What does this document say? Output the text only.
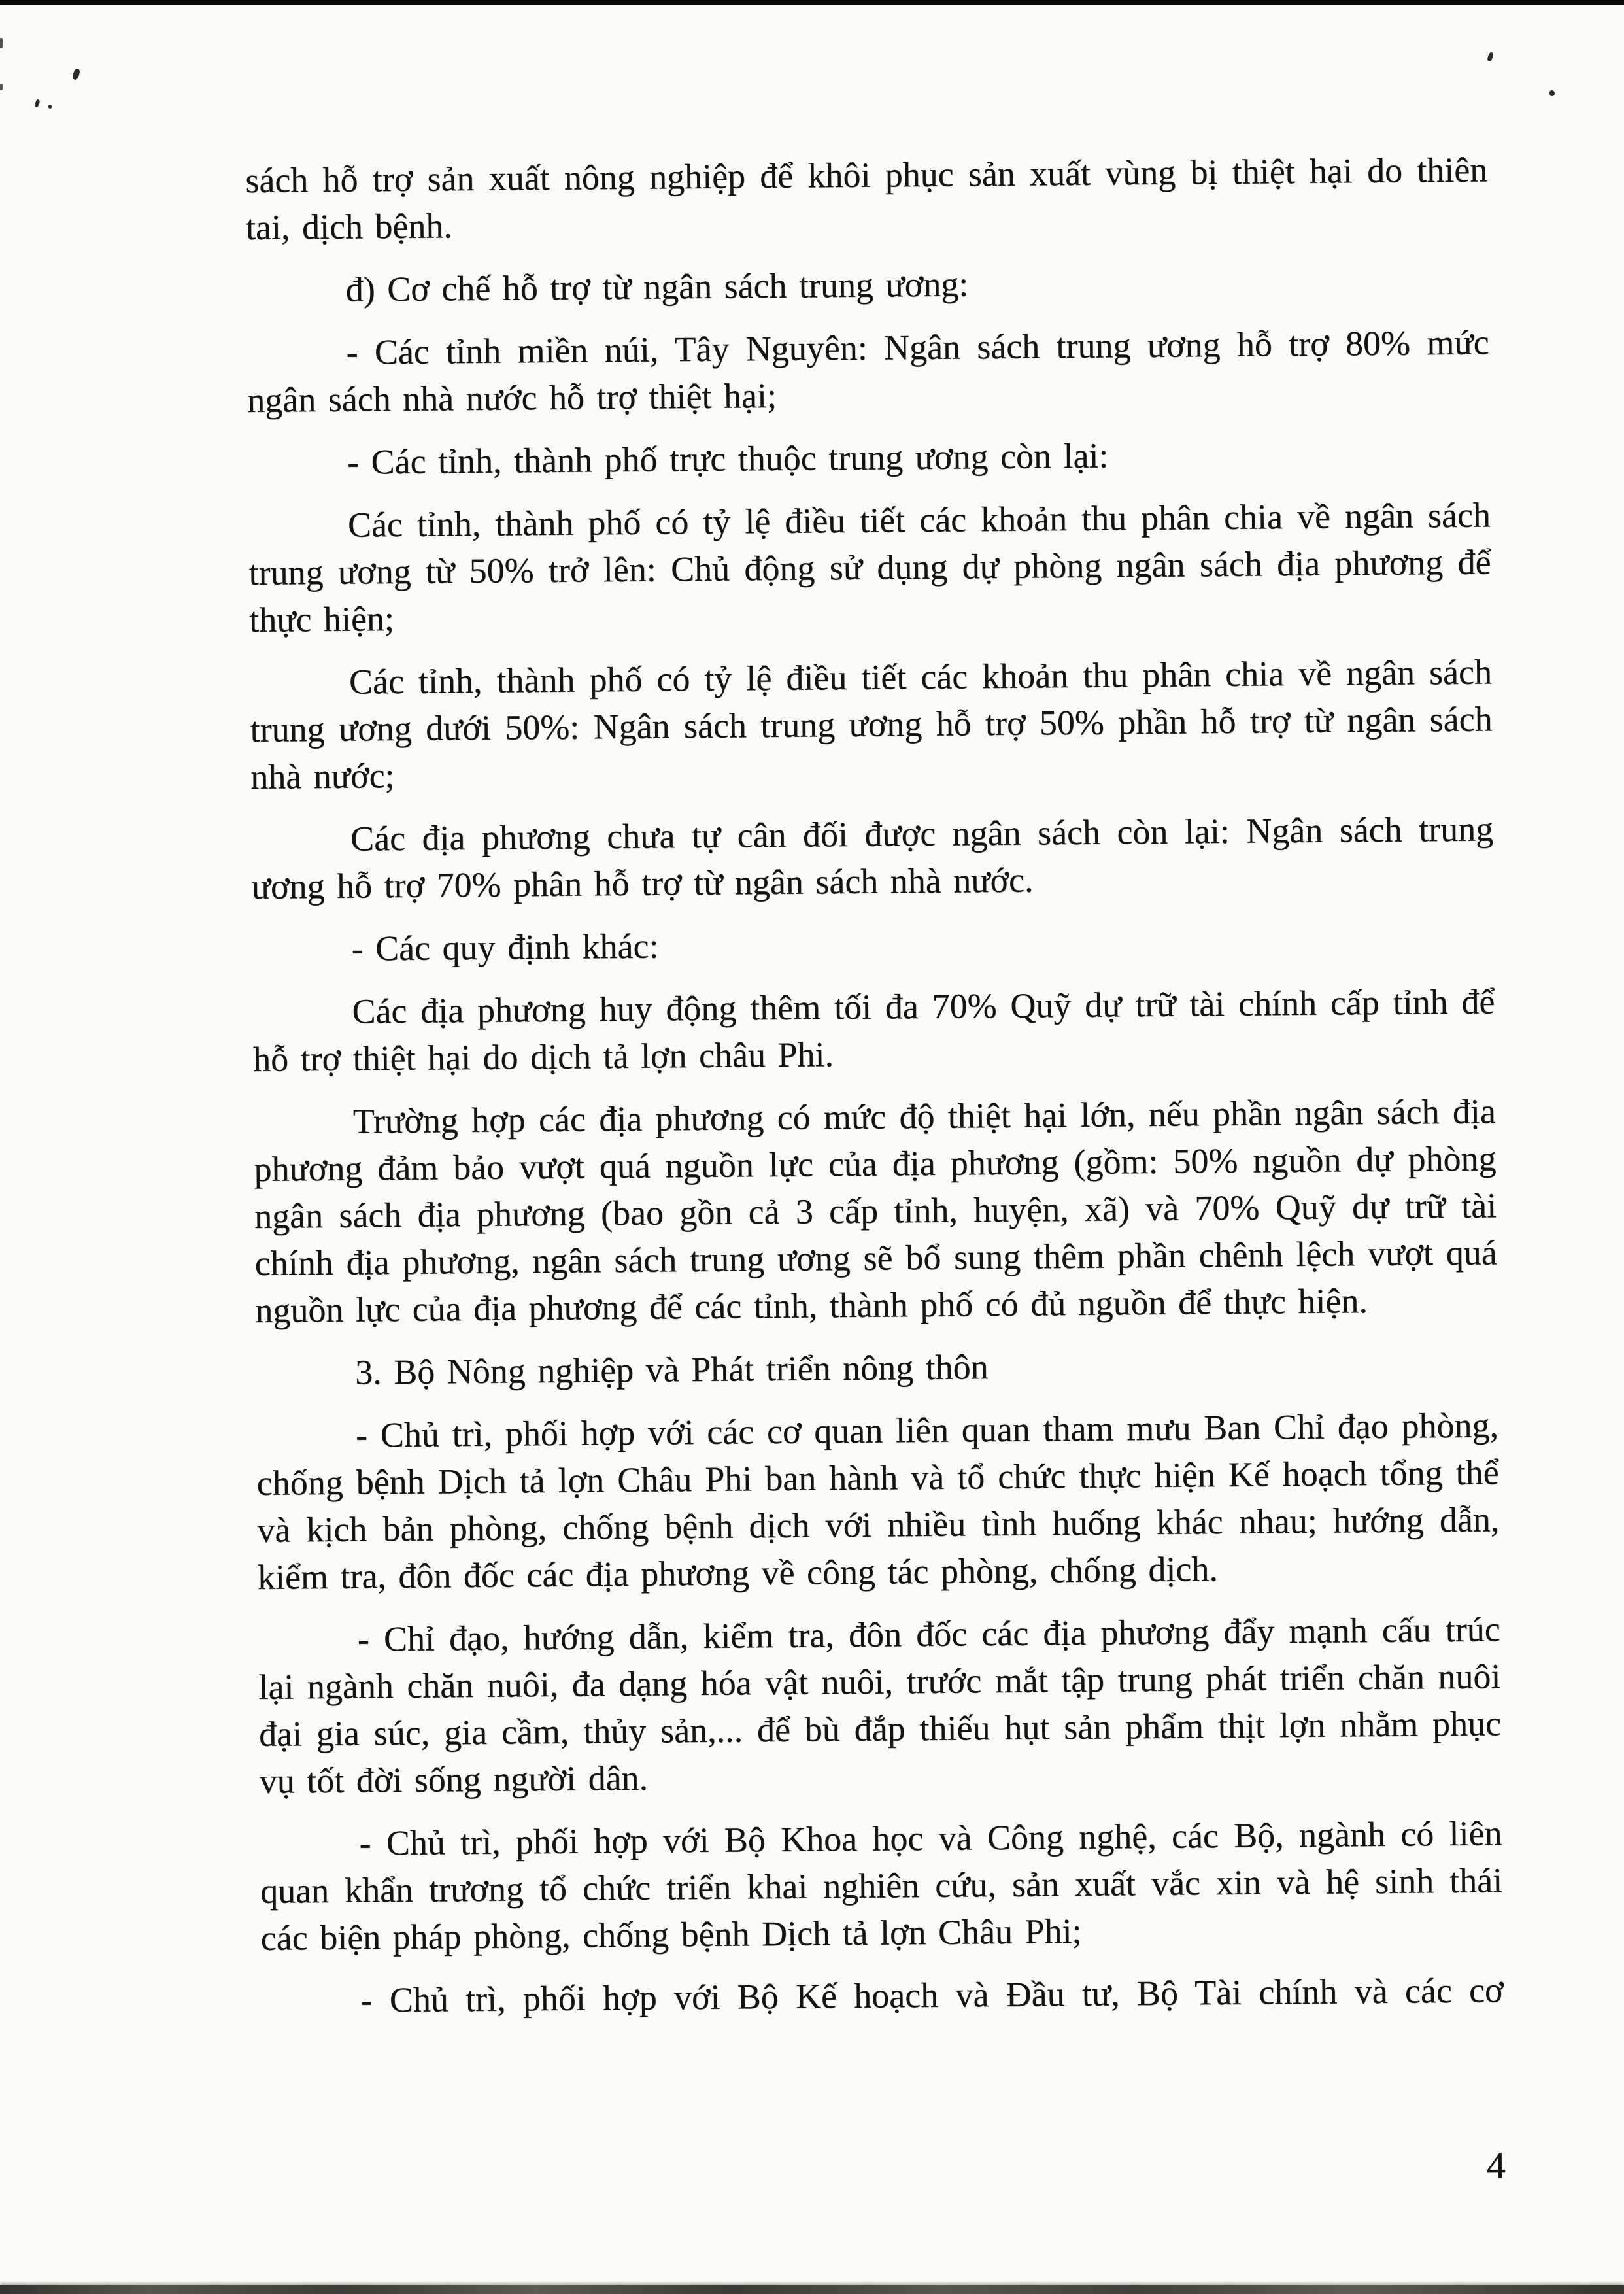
sách hỗ trợ sản xuất nông nghiệp để khôi phục sản xuất vùng bị thiệt hại do thiên tai, dịch bệnh.

đ) Cơ chế hỗ trợ từ ngân sách trung ương:

- Các tỉnh miền núi, Tây Nguyên: Ngân sách trung ương hỗ trợ 80% mức ngân sách nhà nước hỗ trợ thiệt hại;

- Các tỉnh, thành phố trực thuộc trung ương còn lại:

Các tỉnh, thành phố có tỷ lệ điều tiết các khoản thu phân chia về ngân sách trung ương từ 50% trở lên: Chủ động sử dụng dự phòng ngân sách địa phương để thực hiện;

Các tỉnh, thành phố có tỷ lệ điều tiết các khoản thu phân chia về ngân sách trung ương dưới 50%: Ngân sách trung ương hỗ trợ 50% phần hỗ trợ từ ngân sách nhà nước;

Các địa phương chưa tự cân đối được ngân sách còn lại: Ngân sách trung ương hỗ trợ 70% phân hỗ trợ từ ngân sách nhà nước.

- Các quy định khác:

Các địa phương huy động thêm tối đa 70% Quỹ dự trữ tài chính cấp tỉnh để hỗ trợ thiệt hại do dịch tả lợn châu Phi.

Trường hợp các địa phương có mức độ thiệt hại lớn, nếu phần ngân sách địa phương đảm bảo vượt quá nguồn lực của địa phương (gồm: 50% nguồn dự phòng ngân sách địa phương (bao gồn cả 3 cấp tỉnh, huyện, xã) và 70% Quỹ dự trữ tài chính địa phương, ngân sách trung ương sẽ bổ sung thêm phần chênh lệch vượt quá nguồn lực của địa phương để các tỉnh, thành phố có đủ nguồn để thực hiện.

3. Bộ Nông nghiệp và Phát triển nông thôn

- Chủ trì, phối hợp với các cơ quan liên quan tham mưu Ban Chỉ đạo phòng, chống bệnh Dịch tả lợn Châu Phi ban hành và tổ chức thực hiện Kế hoạch tổng thể và kịch bản phòng, chống bệnh dịch với nhiều tình huống khác nhau; hướng dẫn, kiểm tra, đôn đốc các địa phương về công tác phòng, chống dịch.

- Chỉ đạo, hướng dẫn, kiểm tra, đôn đốc các địa phương đẩy mạnh cấu trúc lại ngành chăn nuôi, đa dạng hóa vật nuôi, trước mắt tập trung phát triển chăn nuôi đại gia súc, gia cầm, thủy sản,... để bù đắp thiếu hụt sản phẩm thịt lợn nhằm phục vụ tốt đời sống người dân.

- Chủ trì, phối hợp với Bộ Khoa học và Công nghệ, các Bộ, ngành có liên quan khẩn trương tổ chức triển khai nghiên cứu, sản xuất vắc xin và hệ sinh thái các biện pháp phòng, chống bệnh Dịch tả lợn Châu Phi;

- Chủ trì, phối hợp với Bộ Kế hoạch và Đầu tư, Bộ Tài chính và các cơ

4
